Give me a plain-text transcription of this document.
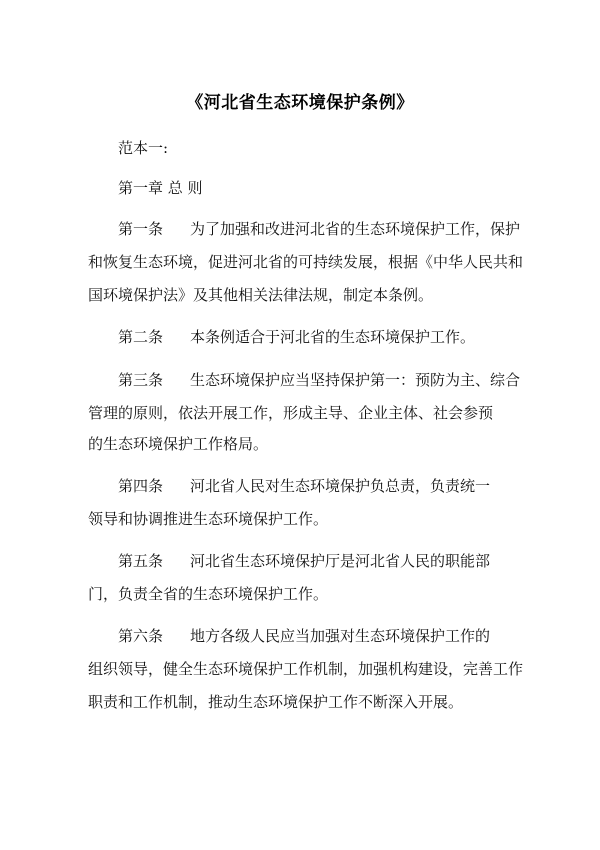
《河北省生态环境保护条例》
范本一:
第一章 总 则
第一条 为了加强和改进河北省的生态环境保护工作，保护
和恢复生态环境，促进河北省的可持续发展，根据《中华人民共和
国环境保护法》及其他相关法律法规，制定本条例。
第二条 本条例适合于河北省的生态环境保护工作。
第三条 生态环境保护应当坚持保护第一：预防为主、综合
管理的原则，依法开展工作，形成主导、企业主体、社会参预
的生态环境保护工作格局。
第四条 河北省人民对生态环境保护负总责，负责统一
领导和协调推进生态环境保护工作。
第五条 河北省生态环境保护厅是河北省人民的职能部
门，负责全省的生态环境保护工作。
第六条 地方各级人民应当加强对生态环境保护工作的
组织领导，健全生态环境保护工作机制，加强机构建设，完善工作
职责和工作机制，推动生态环境保护工作不断深入开展。
